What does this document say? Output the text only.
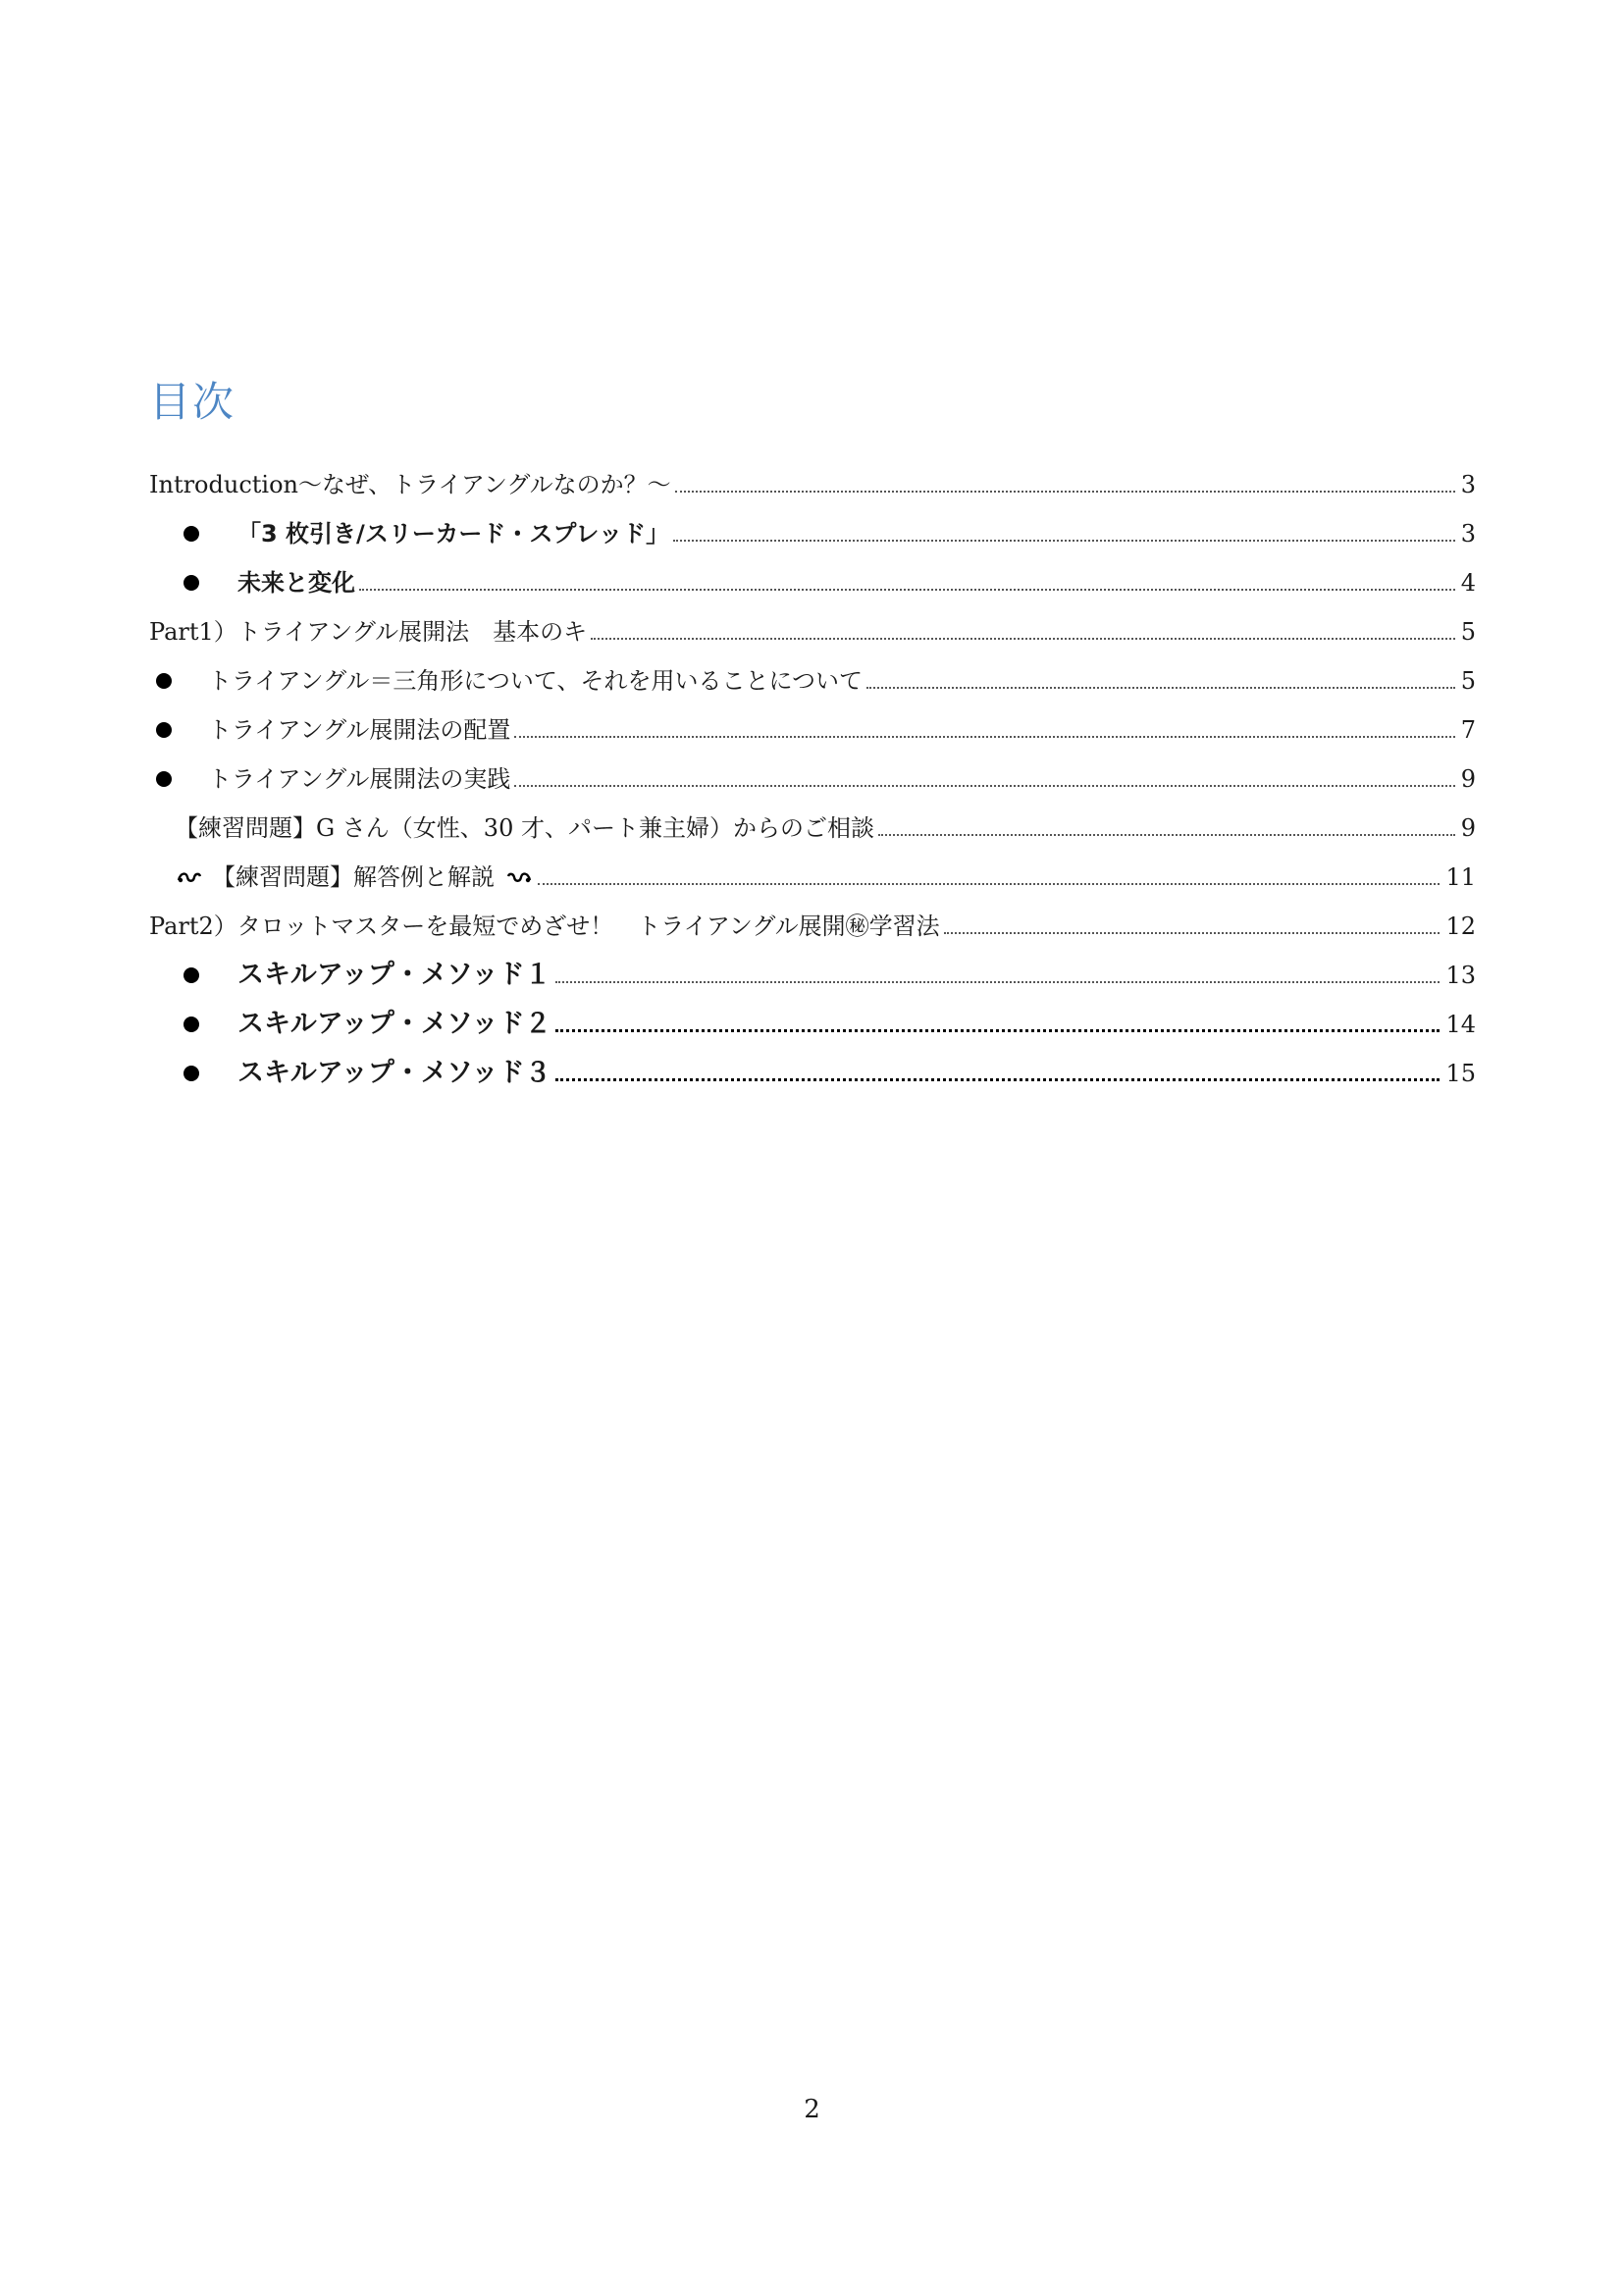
目次
Introduction～なぜ、トライアングルなのか？～	3
「3 枚引き/スリーカード・スプレッド」	3
未来と変化	4
Part1）トライアングル展開法　基本のキ	5
トライアングル＝三角形について、それを用いることについて	5
トライアングル展開法の配置	7
トライアングル展開法の実践	9
【練習問題】G さん（女性、30 才、パート兼主婦）からのご相談	9
【練習問題】解答例と解説	11
Part2）タロットマスターを最短でめざせ！　トライアングル展開㊙学習法	12
スキルアップ・メソッド１	13
スキルアップ・メソッド２	14
スキルアップ・メソッド３	15
2
